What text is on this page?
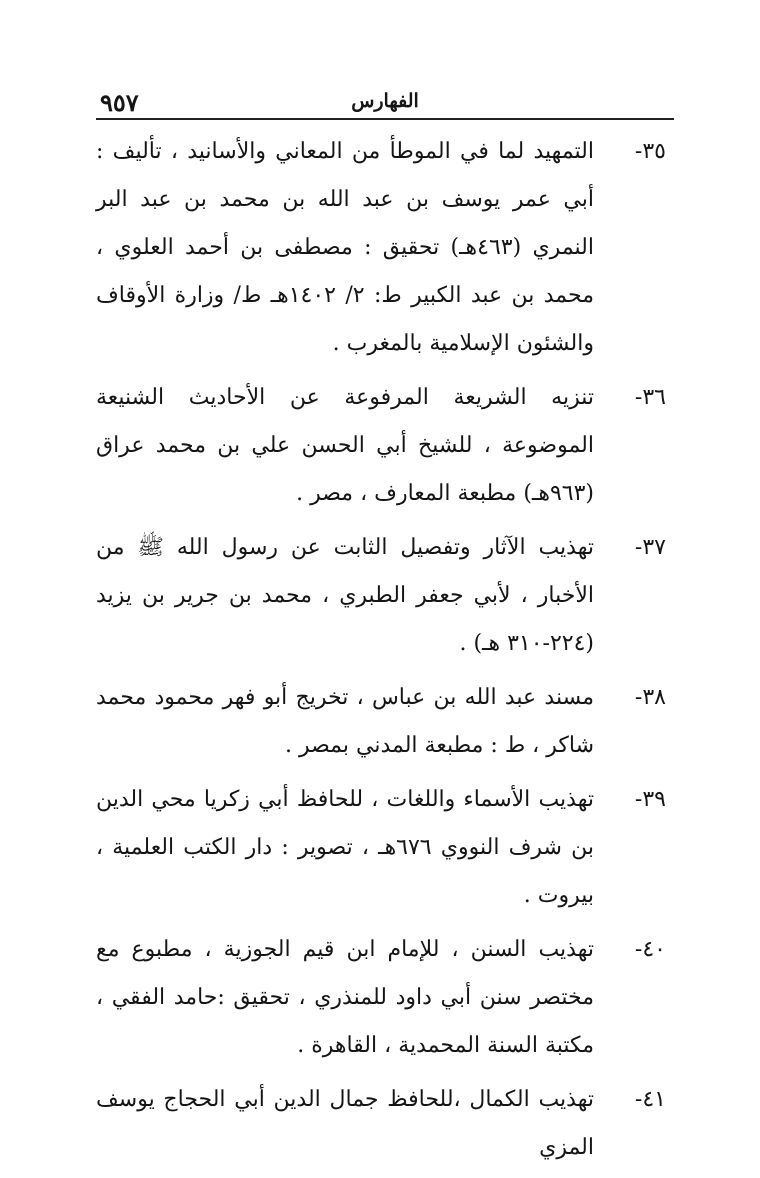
٩٥٧	الفهارس
٣٥-
التمهيد لما في الموطأ من المعاني والأسانيد ، تأليف : أبي عمر يوسف بن عبد الله بن محمد بن عبد البر النمري (٤٦٣هـ) تحقيق : مصطفى بن أحمد العلوي ، محمد بن عبد الكبير ط: ٢/ ١٤٠٢هـ ط/ وزارة الأوقاف والشئون الإسلامية بالمغرب .
٣٦-
تنزيه الشريعة المرفوعة عن الأحاديث الشنيعة الموضوعة ، للشيخ أبي الحسن علي بن محمد عراق (٩٦٣هـ) مطبعة المعارف ، مصر .
٣٧-
تهذيب الآثار وتفصيل الثابت عن رسول الله ﷺ من الأخبار ، لأبي جعفر الطبري ، محمد بن جرير بن يزيد (٢٢٤-٣١٠ هـ) .
٣٨-
مسند عبد الله بن عباس ، تخريج أبو فهر محمود محمد شاكر ، ط : مطبعة المدني بمصر .
٣٩-
تهذيب الأسماء واللغات ، للحافظ أبي زكريا محي الدين بن شرف النووي ٦٧٦هـ ، تصوير : دار الكتب العلمية ، بيروت .
٤٠-
تهذيب السنن ، للإمام ابن قيم الجوزية ، مطبوع مع مختصر سنن أبي داود للمنذري ، تحقيق :حامد الفقي ، مكتبة السنة المحمدية ، القاهرة .
٤١-
تهذيب الكمال ،للحافظ جمال الدين أبي الحجاج يوسف المزي
